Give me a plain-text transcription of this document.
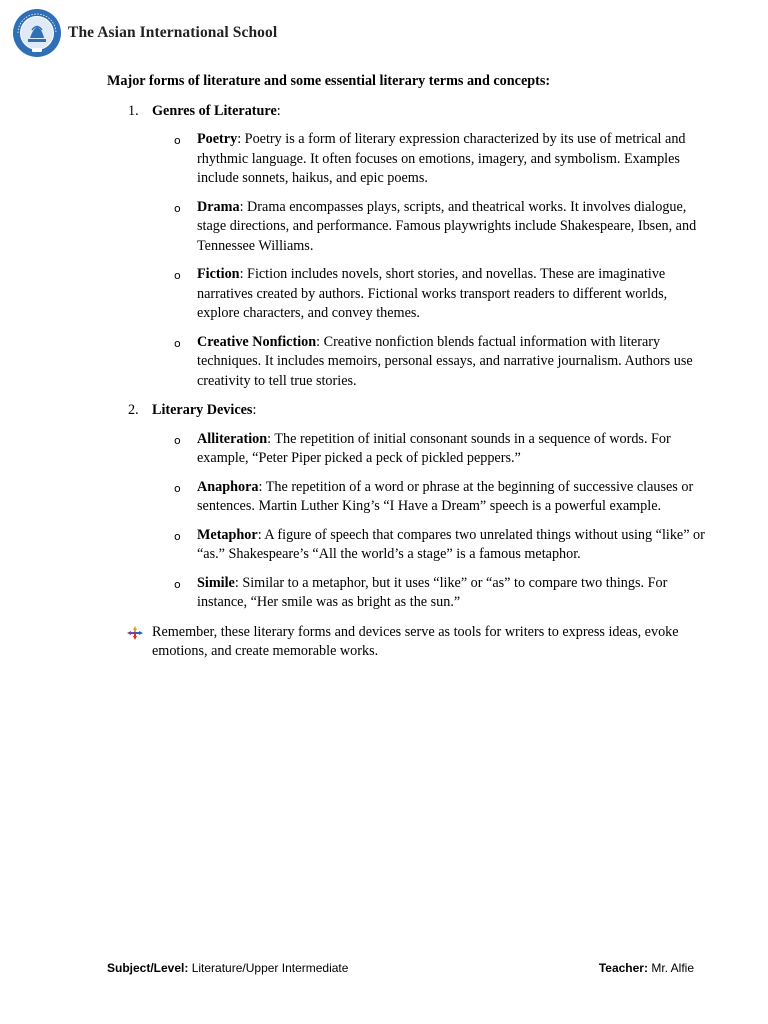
The Asian International School

Major forms of literature and some essential literary terms and concepts:

1. Genres of Literature:
o Poetry: Poetry is a form of literary expression characterized by its use of metrical and rhythmic language. It often focuses on emotions, imagery, and symbolism. Examples include sonnets, haikus, and epic poems.
o Drama: Drama encompasses plays, scripts, and theatrical works. It involves dialogue, stage directions, and performance. Famous playwrights include Shakespeare, Ibsen, and Tennessee Williams.
o Fiction: Fiction includes novels, short stories, and novellas. These are imaginative narratives created by authors. Fictional works transport readers to different worlds, explore characters, and convey themes.
o Creative Nonfiction: Creative nonfiction blends factual information with literary techniques. It includes memoirs, personal essays, and narrative journalism. Authors use creativity to tell true stories.
2. Literary Devices:
o Alliteration: The repetition of initial consonant sounds in a sequence of words. For example, “Peter Piper picked a peck of pickled peppers.”
o Anaphora: The repetition of a word or phrase at the beginning of successive clauses or sentences. Martin Luther King’s “I Have a Dream” speech is a powerful example.
o Metaphor: A figure of speech that compares two unrelated things without using “like” or “as.” Shakespeare’s “All the world’s a stage” is a famous metaphor.
o Simile: Similar to a metaphor, but it uses “like” or “as” to compare two things. For instance, “Her smile was as bright as the sun.”
Remember, these literary forms and devices serve as tools for writers to express ideas, evoke emotions, and create memorable works.
Subject/Level: Literature/Upper Intermediate	Teacher: Mr. Alfie
